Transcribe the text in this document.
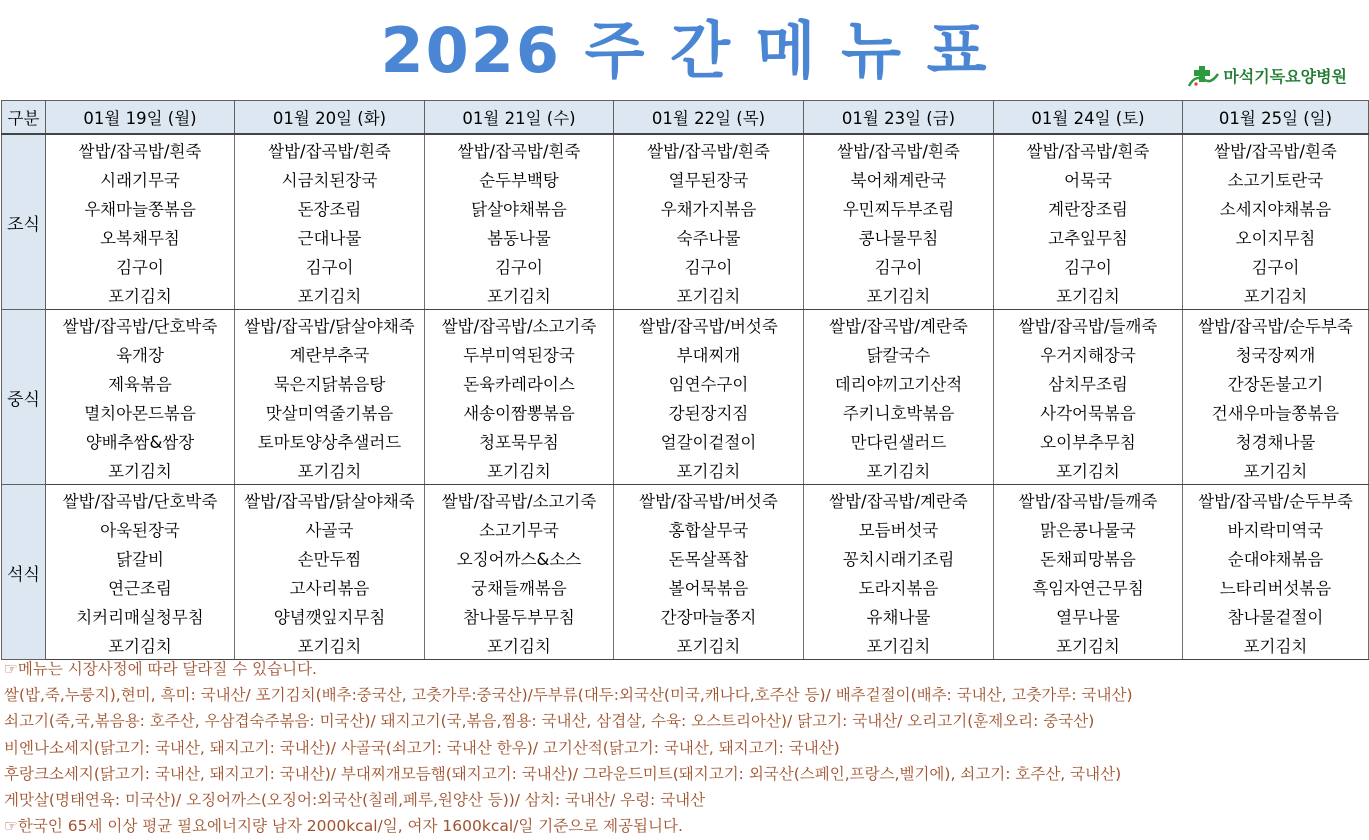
2026 주 간 메 뉴 표	마석기독요양병원
구분	01월 19일 (월)	01월 20일 (화)	01월 21일 (수)	01월 22일 (목)	01월 23일 (금)	01월 24일 (토)	01월 25일 (일)
조식	쌀밥/잡곡밥/흰죽	쌀밥/잡곡밥/흰죽	쌀밥/잡곡밥/흰죽	쌀밥/잡곡밥/흰죽	쌀밥/잡곡밥/흰죽	쌀밥/잡곡밥/흰죽	쌀밥/잡곡밥/흰죽
	시래기무국	시금치된장국	순두부백탕	열무된장국	북어채계란국	어묵국	소고기토란국
	우채마늘쫑볶음	돈장조림	닭살야채볶음	우채가지볶음	우민찌두부조림	계란장조림	소세지야채볶음
	오복채무침	근대나물	봄동나물	숙주나물	콩나물무침	고추잎무침	오이지무침
	김구이	김구이	김구이	김구이	김구이	김구이	김구이
	포기김치	포기김치	포기김치	포기김치	포기김치	포기김치	포기김치
중식	쌀밥/잡곡밥/단호박죽	쌀밥/잡곡밥/닭살야채죽	쌀밥/잡곡밥/소고기죽	쌀밥/잡곡밥/버섯죽	쌀밥/잡곡밥/계란죽	쌀밥/잡곡밥/들깨죽	쌀밥/잡곡밥/순두부죽
	육개장	계란부추국	두부미역된장국	부대찌개	닭칼국수	우거지해장국	청국장찌개
	제육볶음	묵은지닭볶음탕	돈육카레라이스	임연수구이	데리야끼고기산적	삼치무조림	간장돈불고기
	멸치아몬드볶음	맛살미역줄기볶음	새송이짬뽕볶음	강된장지짐	주키니호박볶음	사각어묵볶음	건새우마늘쫑볶음
	양배추쌈&쌈장	토마토양상추샐러드	청포묵무침	얼갈이겉절이	만다린샐러드	오이부추무침	청경채나물
	포기김치	포기김치	포기김치	포기김치	포기김치	포기김치	포기김치
석식	쌀밥/잡곡밥/단호박죽	쌀밥/잡곡밥/닭살야채죽	쌀밥/잡곡밥/소고기죽	쌀밥/잡곡밥/버섯죽	쌀밥/잡곡밥/계란죽	쌀밥/잡곡밥/들깨죽	쌀밥/잡곡밥/순두부죽
	아욱된장국	사골국	소고기무국	홍합살무국	모듬버섯국	맑은콩나물국	바지락미역국
	닭갈비	손만두찜	오징어까스&소스	돈목살폭찹	꽁치시래기조림	돈채피망볶음	순대야채볶음
	연근조림	고사리볶음	궁채들깨볶음	볼어묵볶음	도라지볶음	흑임자연근무침	느타리버섯볶음
	치커리매실청무침	양념깻잎지무침	참나물두부무침	간장마늘쫑지	유채나물	열무나물	참나물겉절이
	포기김치	포기김치	포기김치	포기김치	포기김치	포기김치	포기김치
☞메뉴는 시장사정에 따라 달라질 수 있습니다.
쌀(밥,죽,누룽지),현미, 흑미: 국내산/ 포기김치(배추:중국산, 고춧가루:중국산)/두부류(대두:외국산(미국,캐나다,호주산 등)/ 배추겉절이(배추: 국내산, 고춧가루: 국내산)
쇠고기(죽,국,볶음용: 호주산, 우삼겹숙주볶음: 미국산)/ 돼지고기(국,볶음,찜용: 국내산, 삼겹살, 수육: 오스트리아산)/ 닭고기: 국내산/ 오리고기(훈제오리: 중국산)
비엔나소세지(닭고기: 국내산, 돼지고기: 국내산)/ 사골국(쇠고기: 국내산 한우)/ 고기산적(닭고기: 국내산, 돼지고기: 국내산)
후랑크소세지(닭고기: 국내산, 돼지고기: 국내산)/ 부대찌개모듬햄(돼지고기: 국내산)/ 그라운드미트(돼지고기: 외국산(스페인,프랑스,벨기에), 쇠고기: 호주산, 국내산)
게맛살(명태연육: 미국산)/ 오징어까스(오징어:외국산(칠레,페루,원양산 등))/ 삼치: 국내산/ 우렁: 국내산
☞한국인 65세 이상 평균 필요에너지량 남자 2000kcal/일, 여자 1600kcal/일 기준으로 제공됩니다.
